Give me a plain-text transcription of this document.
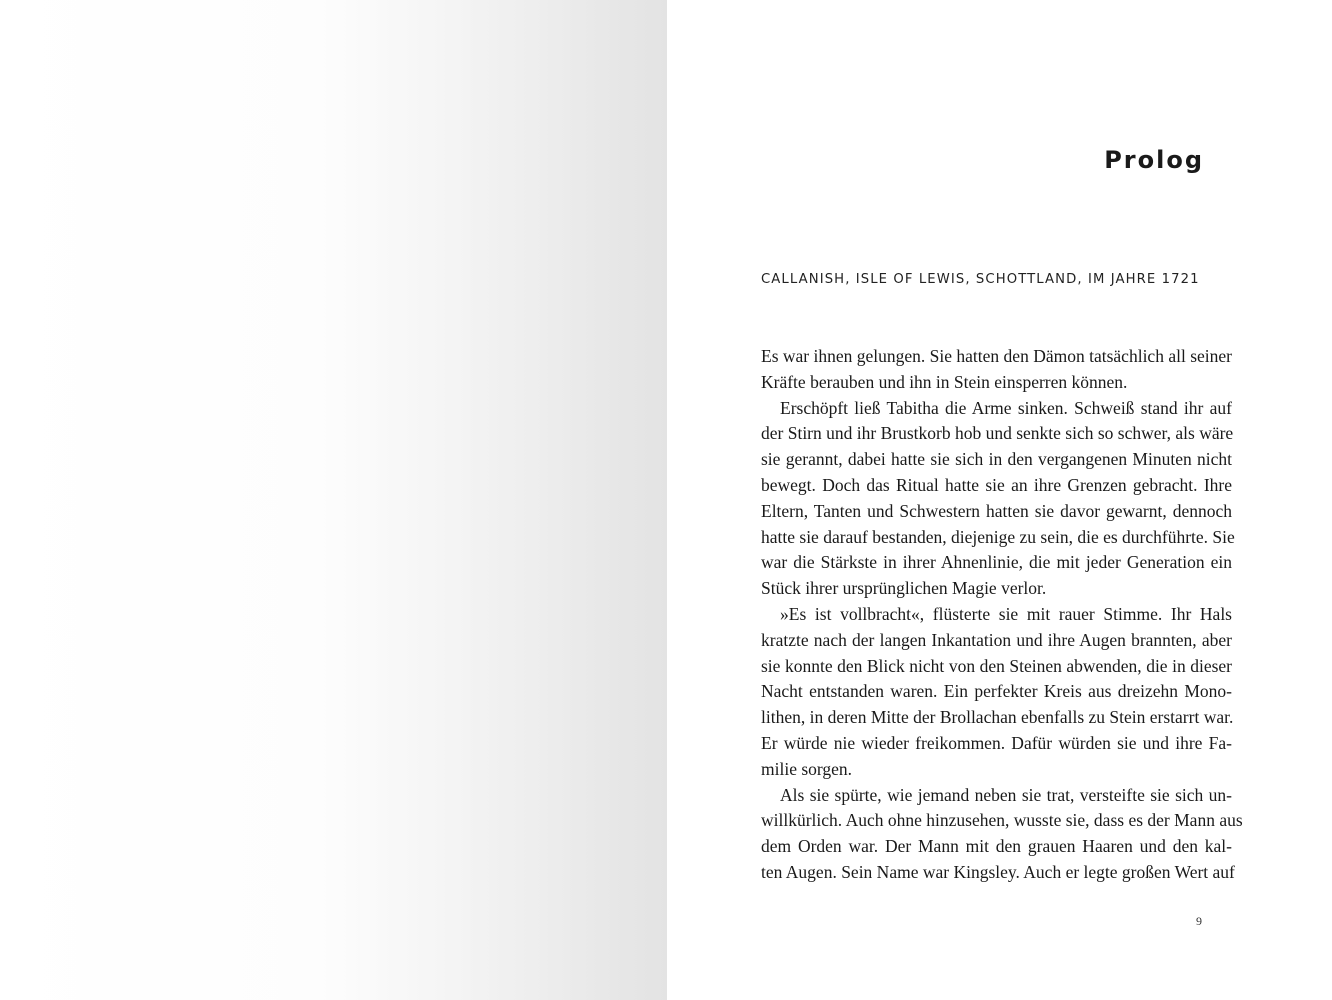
Prolog
CALLANISH, ISLE OF LEWIS, SCHOTTLAND, IM JAHRE 1721
Es war ihnen gelungen. Sie hatten den Dämon tatsächlich all seiner
Kräfte berauben und ihn in Stein einsperren können.
Erschöpft ließ Tabitha die Arme sinken. Schweiß stand ihr auf
der Stirn und ihr Brustkorb hob und senkte sich so schwer, als wäre
sie gerannt, dabei hatte sie sich in den vergangenen Minuten nicht
bewegt. Doch das Ritual hatte sie an ihre Grenzen gebracht. Ihre
Eltern, Tanten und Schwestern hatten sie davor gewarnt, dennoch
hatte sie darauf bestanden, diejenige zu sein, die es durchführte. Sie
war die Stärkste in ihrer Ahnenlinie, die mit jeder Generation ein
Stück ihrer ursprünglichen Magie verlor.
»Es ist vollbracht«, flüsterte sie mit rauer Stimme. Ihr Hals
kratzte nach der langen Inkantation und ihre Augen brannten, aber
sie konnte den Blick nicht von den Steinen abwenden, die in dieser
Nacht entstanden waren. Ein perfekter Kreis aus dreizehn Mono-
lithen, in deren Mitte der Brollachan ebenfalls zu Stein erstarrt war.
Er würde nie wieder freikommen. Dafür würden sie und ihre Fa-
milie sorgen.
Als sie spürte, wie jemand neben sie trat, versteifte sie sich un-
willkürlich. Auch ohne hinzusehen, wusste sie, dass es der Mann aus
dem Orden war. Der Mann mit den grauen Haaren und den kal-
ten Augen. Sein Name war Kingsley. Auch er legte großen Wert auf
9
